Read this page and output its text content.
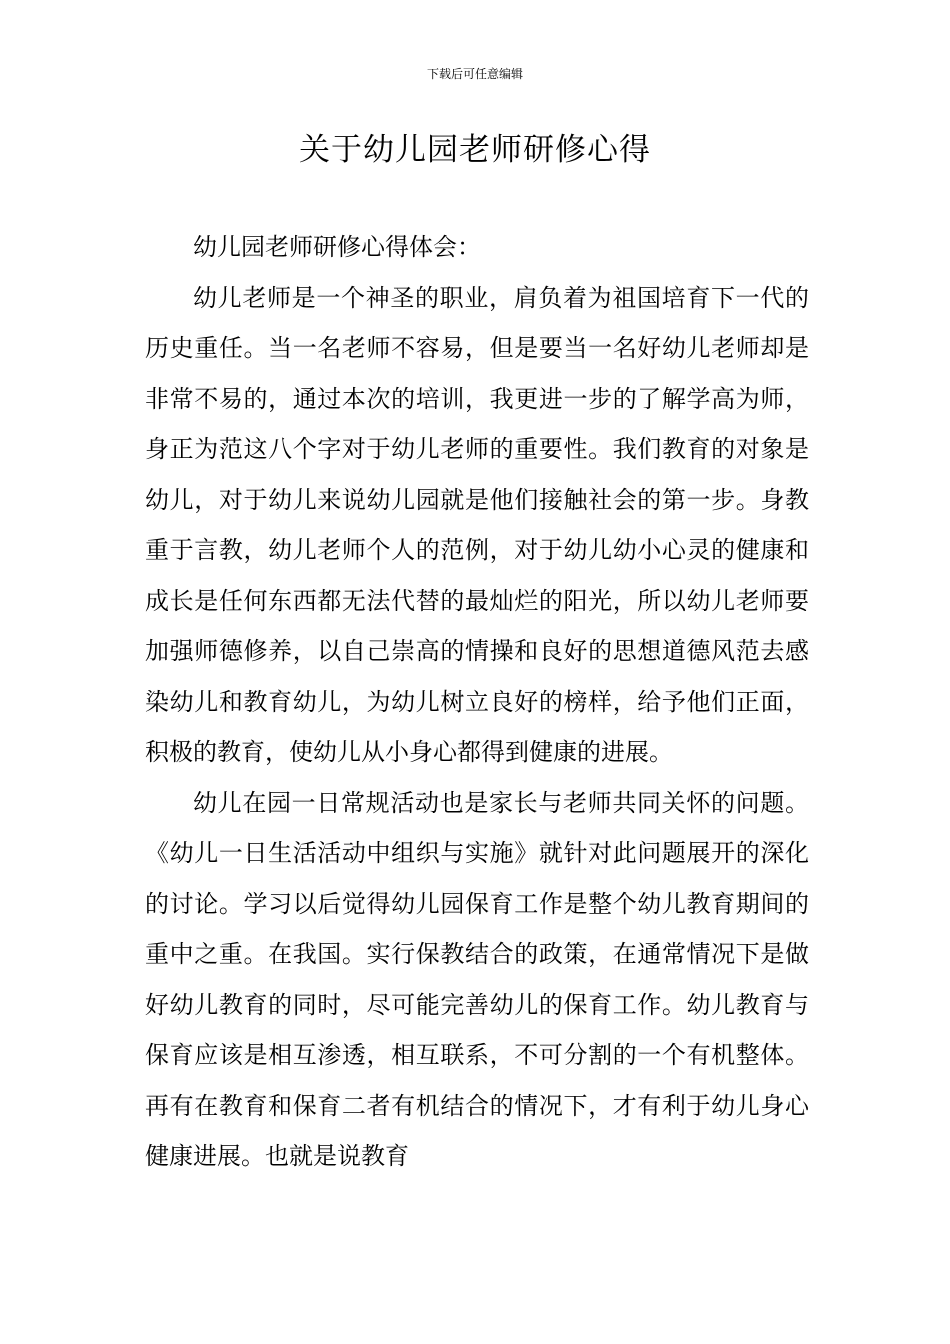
下载后可任意编辑
关于幼儿园老师研修心得

幼儿园老师研修心得体会：

幼儿老师是一个神圣的职业，肩负着为祖国培育下一代的历史重任。当一名老师不容易，但是要当一名好幼儿老师却是非常不易的，通过本次的培训，我更进一步的了解学高为师，身正为范这八个字对于幼儿老师的重要性。我们教育的对象是幼儿，对于幼儿来说幼儿园就是他们接触社会的第一步。身教重于言教，幼儿老师个人的范例，对于幼儿幼小心灵的健康和成长是任何东西都无法代替的最灿烂的阳光，所以幼儿老师要加强师德修养，以自己崇高的情操和良好的思想道德风范去感染幼儿和教育幼儿，为幼儿树立良好的榜样，给予他们正面，积极的教育，使幼儿从小身心都得到健康的进展。

幼儿在园一日常规活动也是家长与老师共同关怀的问题。《幼儿一日生活活动中组织与实施》就针对此问题展开的深化的讨论。学习以后觉得幼儿园保育工作是整个幼儿教育期间的重中之重。在我国。实行保教结合的政策，在通常情况下是做好幼儿教育的同时，尽可能完善幼儿的保育工作。幼儿教育与保育应该是相互渗透，相互联系，不可分割的一个有机整体。再有在教育和保育二者有机结合的情况下，才有利于幼儿身心健康进展。也就是说教育
